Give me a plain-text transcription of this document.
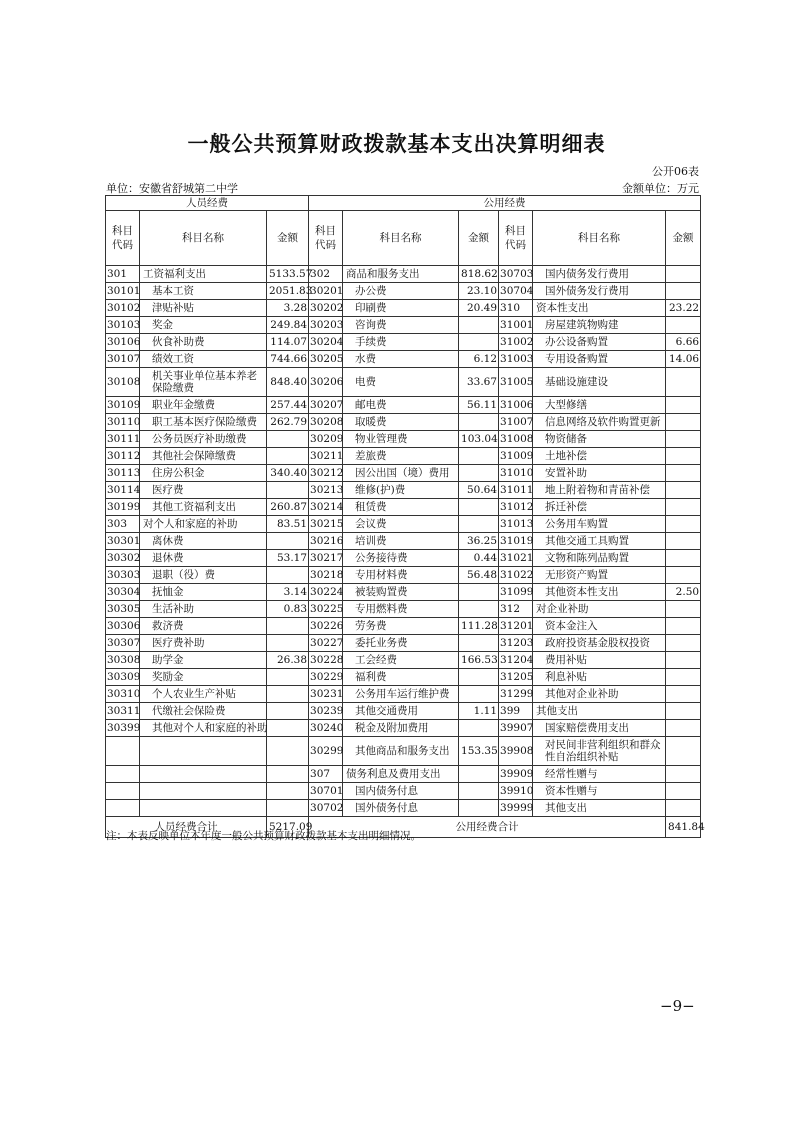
一般公共预算财政拨款基本支出决算明细表
公开06表
单位：安徽省舒城第二中学	金额单位：万元
人员经费			公用经费					
科目代码	科目名称	金额	科目代码	科目名称	金额	科目代码	科目名称	金额
301	工资福利支出	5133.57	302	商品和服务支出	818.62	30703	国内债务发行费用	
30101	基本工资	2051.83	30201	办公费	23.10	30704	国外债务发行费用	
30102	津贴补贴	3.28	30202	印刷费	20.49	310	资本性支出	23.22
30103	奖金	249.84	30203	咨询费		31001	房屋建筑物购建	
30106	伙食补助费	114.07	30204	手续费		31002	办公设备购置	6.66
30107	绩效工资	744.66	30205	水费	6.12	31003	专用设备购置	14.06
30108	机关事业单位基本养老保险缴费	848.40	30206	电费	33.67	31005	基础设施建设	
30109	职业年金缴费	257.44	30207	邮电费	56.11	31006	大型修缮	
30110	职工基本医疗保险缴费	262.79	30208	取暖费		31007	信息网络及软件购置更新	
30111	公务员医疗补助缴费		30209	物业管理费	103.04	31008	物资储备	
30112	其他社会保障缴费		30211	差旅费		31009	土地补偿	
30113	住房公积金	340.40	30212	因公出国（境）费用		31010	安置补助	
30114	医疗费		30213	维修(护)费	50.64	31011	地上附着物和青苗补偿	
30199	其他工资福利支出	260.87	30214	租赁费		31012	拆迁补偿	
303	对个人和家庭的补助	83.51	30215	会议费		31013	公务用车购置	
30301	离休费		30216	培训费	36.25	31019	其他交通工具购置	
30302	退休费	53.17	30217	公务接待费	0.44	31021	文物和陈列品购置	
30303	退职（役）费		30218	专用材料费	56.48	31022	无形资产购置	
30304	抚恤金	3.14	30224	被装购置费		31099	其他资本性支出	2.50
30305	生活补助	0.83	30225	专用燃料费		312	对企业补助	
30306	救济费		30226	劳务费	111.28	31201	资本金注入	
30307	医疗费补助		30227	委托业务费		31203	政府投资基金股权投资	
30308	助学金	26.38	30228	工会经费	166.53	31204	费用补贴	
30309	奖励金		30229	福利费		31205	利息补贴	
30310	个人农业生产补贴		30231	公务用车运行维护费		31299	其他对企业补助	
30311	代缴社会保险费		30239	其他交通费用	1.11	399	其他支出	
30399	其他对个人和家庭的补助		30240	税金及附加费用		39907	国家赔偿费用支出	
			30299	其他商品和服务支出	153.35	39908	对民间非营利组织和群众性自治组织补贴	
			307	债务利息及费用支出		39909	经常性赠与	
			30701	国内债务付息		39910	资本性赠与	
			30702	国外债务付息		39999	其他支出	
人员经费合计		5217.09	公用经费合计					841.84
注：本表反映单位本年度一般公共预算财政拨款基本支出明细情况。
−9−
